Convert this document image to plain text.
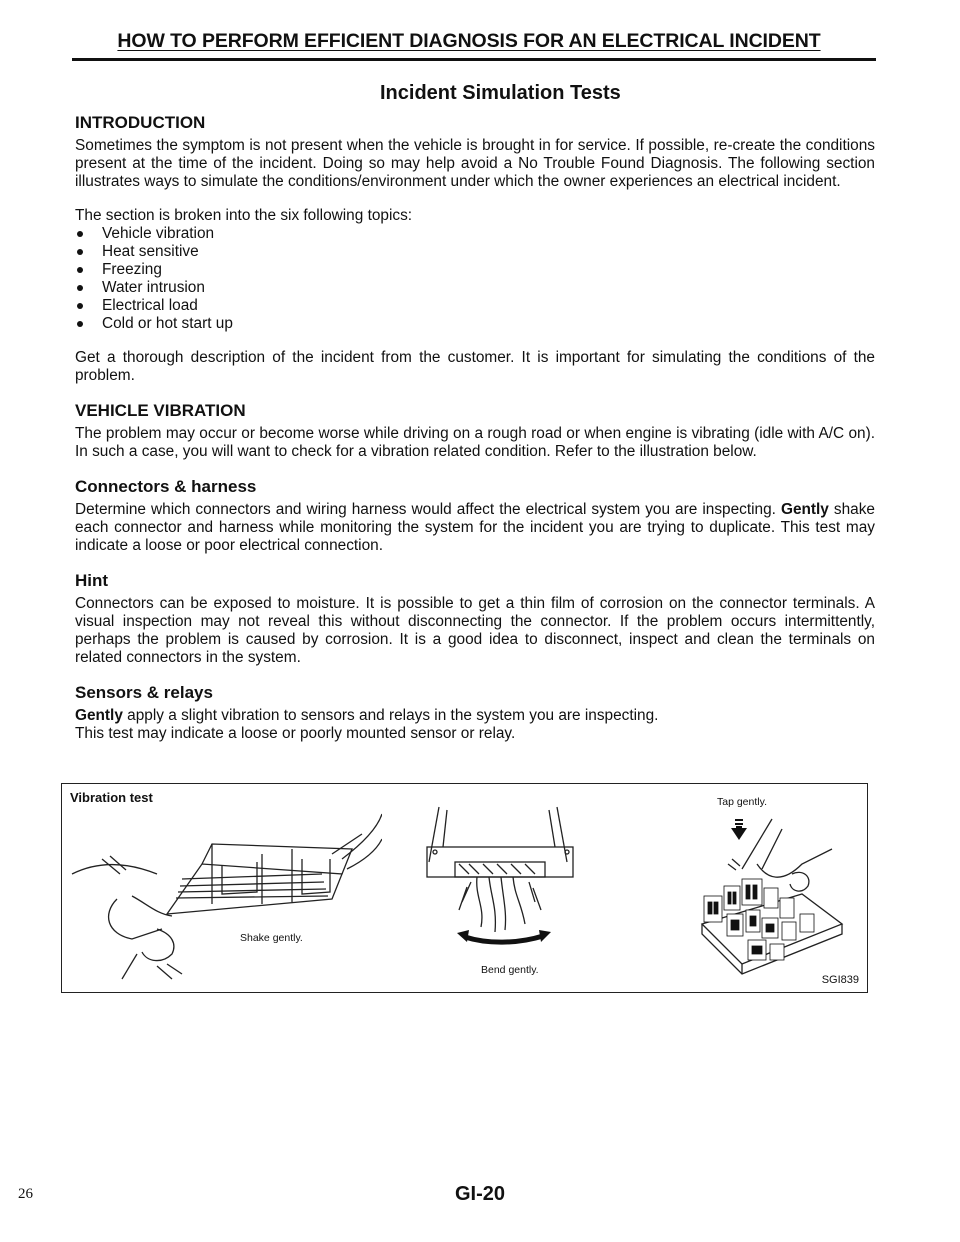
HOW TO PERFORM EFFICIENT DIAGNOSIS FOR AN ELECTRICAL INCIDENT
Incident Simulation Tests
INTRODUCTION

Sometimes the symptom is not present when the vehicle is brought in for service. If possible, re-create the conditions present at the time of the incident. Doing so may help avoid a No Trouble Found Diagnosis. The following section illustrates ways to simulate the conditions/environment under which the owner experiences an electrical incident.

The section is broken into the six following topics:

Vehicle vibration
Heat sensitive
Freezing
Water intrusion
Electrical load
Cold or hot start up

Get a thorough description of the incident from the customer. It is important for simulating the conditions of the problem.

VEHICLE VIBRATION

The problem may occur or become worse while driving on a rough road or when engine is vibrating (idle with A/C on). In such a case, you will want to check for a vibration related condition. Refer to the illustration below.

Connectors & harness

Determine which connectors and wiring harness would affect the electrical system you are inspecting. Gently shake each connector and harness while monitoring the system for the incident you are trying to duplicate. This test may indicate a loose or poor electrical connection.

Hint

Connectors can be exposed to moisture. It is possible to get a thin film of corrosion on the connector terminals. A visual inspection may not reveal this without disconnecting the connector. If the problem occurs intermittently, perhaps the problem is caused by corrosion. It is a good idea to disconnect, inspect and clean the terminals on related connectors in the system.

Sensors & relays

Gently apply a slight vibration to sensors and relays in the system you are inspecting.

This test may indicate a loose or poorly mounted sensor or relay.

Vibration test
Shake gently.
Bend gently.
Tap gently.
SGI839
26	GI-20
